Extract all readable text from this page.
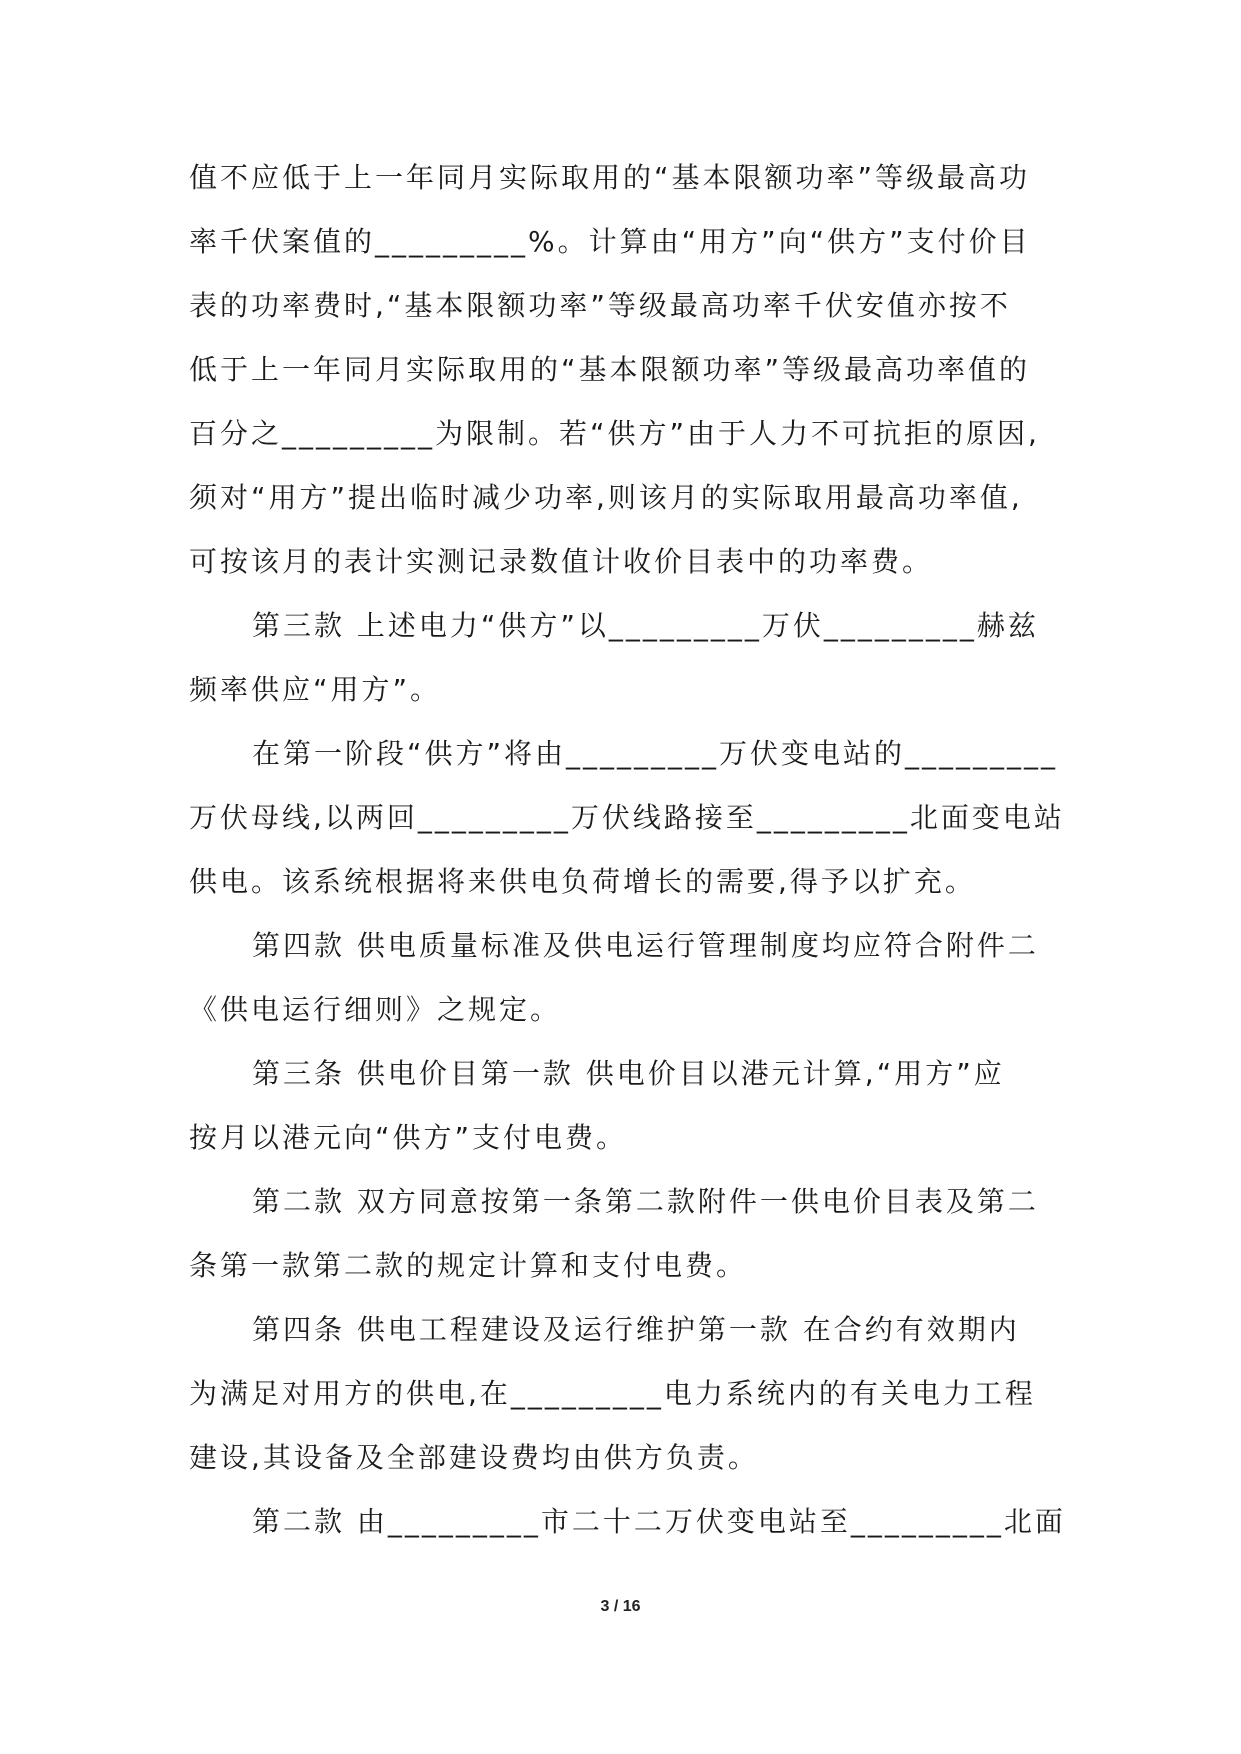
值不应低于上一年同月实际取用的“基本限额功率”等级最高功
率千伏案值的_________%。计算由“用方”向“供方”支付价目
表的功率费时,“基本限额功率”等级最高功率千伏安值亦按不
低于上一年同月实际取用的“基本限额功率”等级最高功率值的
百分之_________为限制。若“供方”由于人力不可抗拒的原因,
须对“用方”提出临时减少功率,则该月的实际取用最高功率值,
可按该月的表计实测记录数值计收价目表中的功率费。
第三款 上述电力“供方”以_________万伏_________赫兹
频率供应“用方”。
在第一阶段“供方”将由_________万伏变电站的_________
万伏母线,以两回_________万伏线路接至_________北面变电站
供电。该系统根据将来供电负荷增长的需要,得予以扩充。
第四款 供电质量标准及供电运行管理制度均应符合附件二
《供电运行细则》之规定。
第三条 供电价目第一款 供电价目以港元计算,“用方”应
按月以港元向“供方”支付电费。
第二款 双方同意按第一条第二款附件一供电价目表及第二
条第一款第二款的规定计算和支付电费。
第四条 供电工程建设及运行维护第一款 在合约有效期内
为满足对用方的供电,在_________电力系统内的有关电力工程
建设,其设备及全部建设费均由供方负责。
第二款 由_________市二十二万伏变电站至_________北面
3 / 16
